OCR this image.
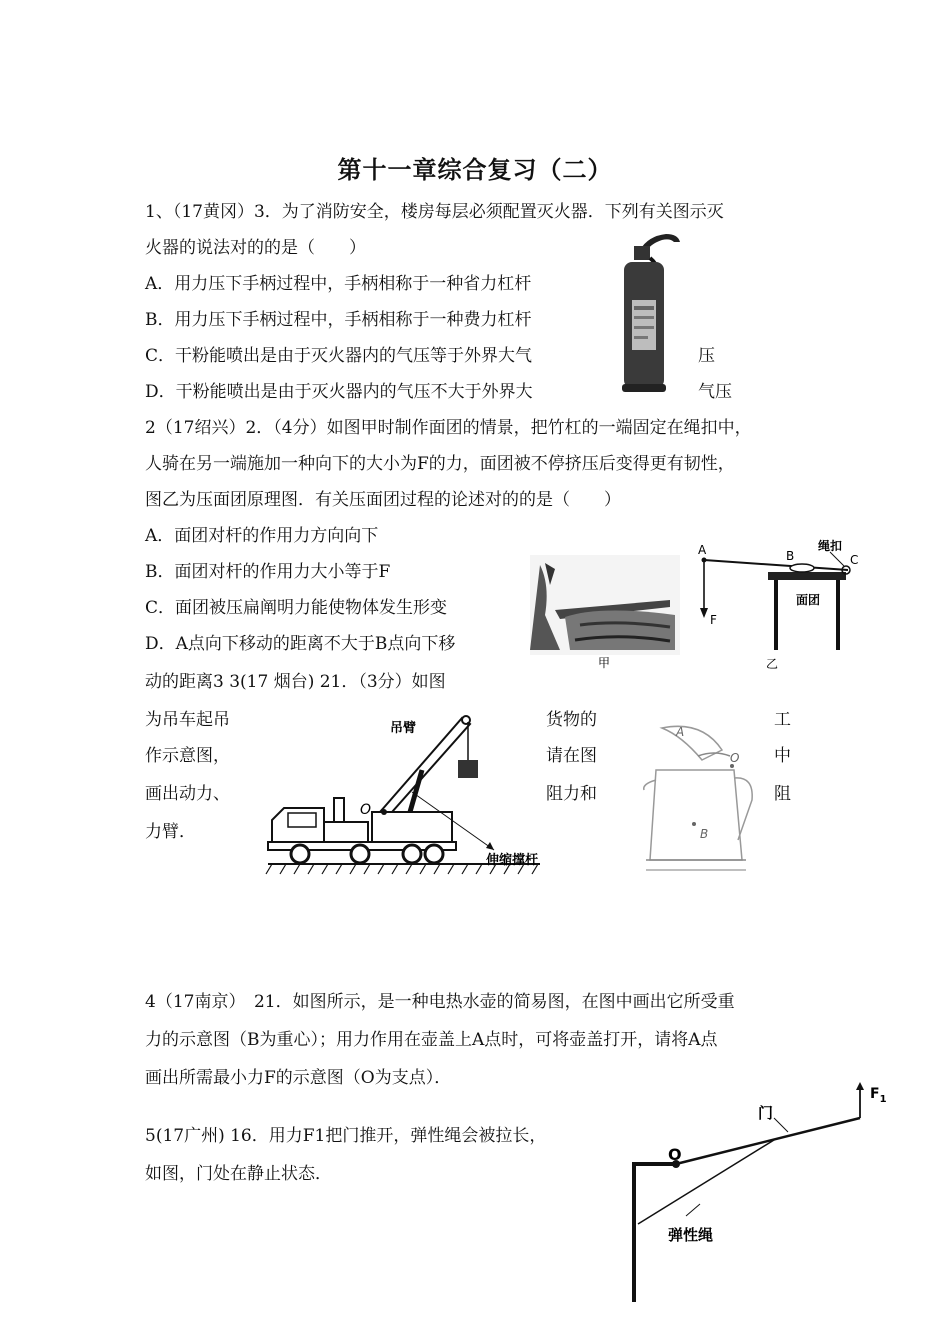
第十一章综合复习（二）
1、（17黄冈）3．为了消防安全，楼房每层必须配置灭火器．下列有关图示灭
火器的说法对的的是（　　）
A．用力压下手柄过程中，手柄相称于一种省力杠杆
B．用力压下手柄过程中，手柄相称于一种费力杠杆
C．干粉能喷出是由于灭火器内的气压等于外界大气	压
D．干粉能喷出是由于灭火器内的气压不大于外界大	气压
2（17绍兴）2．（4分）如图甲时制作面团的情景，把竹杠的一端固定在绳扣中，
人骑在另一端施加一种向下的大小为F的力，面团被不停挤压后变得更有韧性，
图乙为压面团原理图．有关压面团过程的论述对的的是（　　）
A．面团对杆的作用力方向向下
B．面团对杆的作用力大小等于F
C．面团被压扁阐明力能使物体发生形变
D．A点向下移动的距离不大于B点向下移
动的距离3 3(17 烟台) 21．（3分）如图
甲
A	B	C
F
绳扣
面团
乙
为吊车起吊	货物的	工
作示意图，	请在图	中
画出动力、	阻力和	阻
力臂．
吊臂
O
伸缩撑杆
A
O
B
4（17南京）　21．如图所示，是一种电热水壶的简易图，在图中画出它所受重
力的示意图（B为重心）；用力作用在壶盖上A点时，可将壶盖打开，请将A点
画出所需最小力F的示意图（O为支点）．
5(17广州) 16．用力F1把门推开，弹性绳会被拉长，
如图，门处在静止状态．
O
门
$F_1$
弹性绳
